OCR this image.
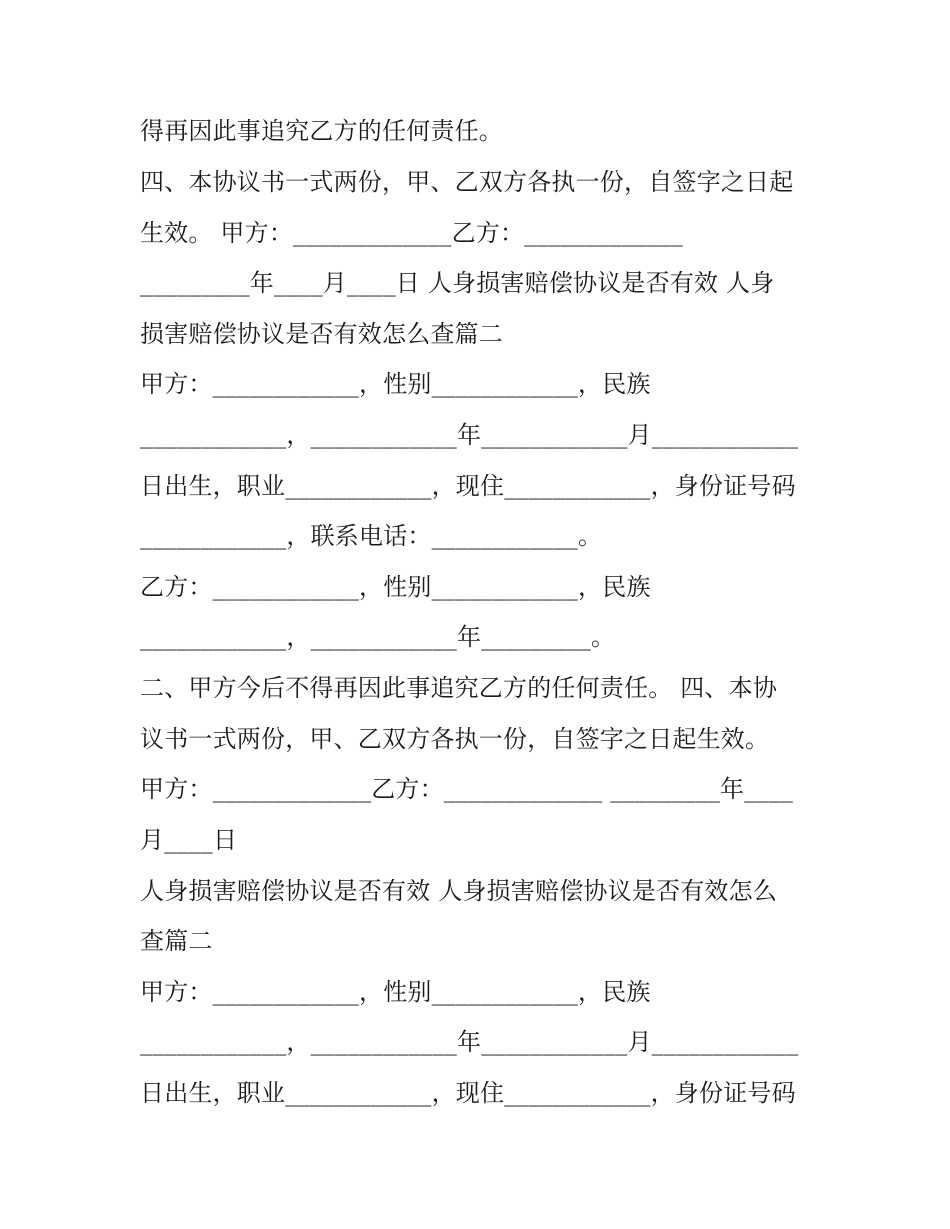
得再因此事追究乙方的任何责任。
四、本协议书一式两份，甲、乙双方各执一份，自签字之日起
生效。 甲方：_____________乙方：_____________
_________年____月____日 人身损害赔偿协议是否有效 人身
损害赔偿协议是否有效怎么查篇二
甲方：____________，性别____________，民族
____________，____________年____________月____________
日出生，职业____________，现住____________，身份证号码
____________，联系电话：____________。
乙方：____________，性别____________，民族
____________，____________年_________。
二、甲方今后不得再因此事追究乙方的任何责任。 四、本协
议书一式两份，甲、乙双方各执一份，自签字之日起生效。
甲方：_____________乙方：_____________ _________年____
月____日
人身损害赔偿协议是否有效 人身损害赔偿协议是否有效怎么
查篇二
甲方：____________，性别____________，民族
____________，____________年____________月____________
日出生，职业____________，现住____________，身份证号码
